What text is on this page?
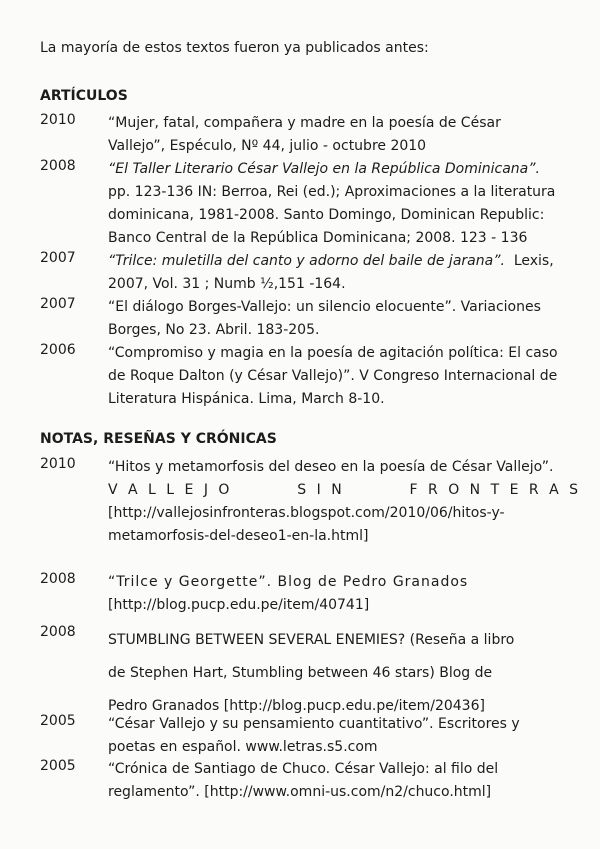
La mayoría de estos textos fueron ya publicados antes:
ARTÍCULOS
2010	“Mujer, fatal, compañera y madre en la poesía de César

Vallejo”, Espéculo, Nº 44, julio - octubre 2010

2008	“El Taller Literario César Vallejo en la República Dominicana”.

pp. 123-136 IN: Berroa, Rei (ed.); Aproximaciones a la literatura

dominicana, 1981-2008. Santo Domingo, Dominican Republic:

Banco Central de la República Dominicana; 2008. 123 - 136

2007	“Trilce: muletilla del canto y adorno del baile de jarana”. Lexis,

2007, Vol. 31 ; Numb ½,151 -164.

2007	“El diálogo Borges-Vallejo: un silencio elocuente”. Variaciones

Borges, No 23. Abril. 183-205.

2006	“Compromiso y magia en la poesía de agitación política: El caso

de Roque Dalton (y César Vallejo)”. V Congreso Internacional de

Literatura Hispánica. Lima, March 8-10.

NOTAS, RESEÑAS Y CRÓNICAS
2010	“Hitos y metamorfosis del deseo en la poesía de César Vallejo”.

V A L L E J O	S I N	F R O N T E R A S

[http://vallejosinfronteras.blogspot.com/2010/06/hitos-y-

metamorfosis-del-deseo1-en-la.html]

2008	“Trilce y Georgette”. Blog de Pedro Granados

[http://blog.pucp.edu.pe/item/40741]

2008	STUMBLING BETWEEN SEVERAL ENEMIES? (Reseña a libro

de Stephen Hart, Stumbling between 46 stars) Blog de

Pedro Granados [http://blog.pucp.edu.pe/item/20436]

2005	“César Vallejo y su pensamiento cuantitativo”. Escritores y

poetas en español. www.letras.s5.com

2005	“Crónica de Santiago de Chuco. César Vallejo: al filo del

reglamento”. [http://www.omni-us.com/n2/chuco.html]
